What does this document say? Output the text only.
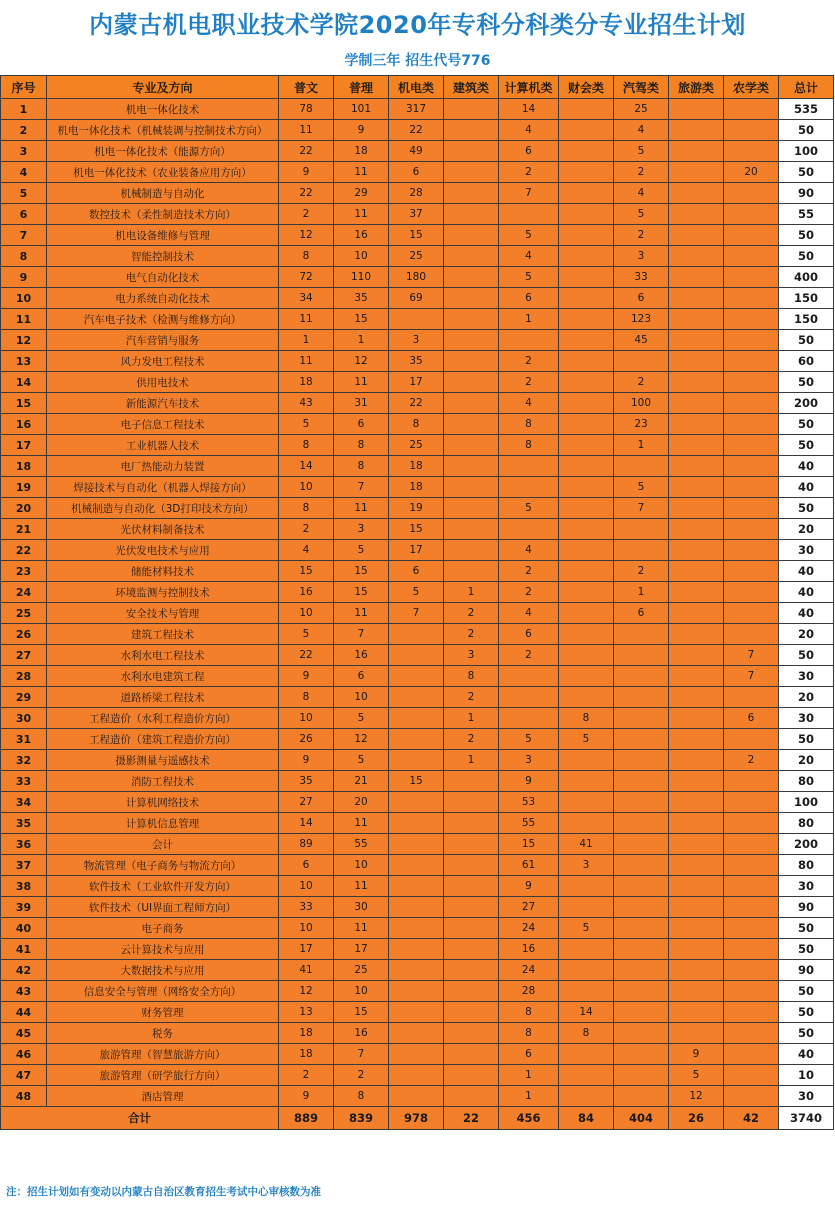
内蒙古机电职业技术学院2020年专科分科类分专业招生计划
学制三年 招生代号776
序号	专业及方向	普文	普理	机电类	建筑类	计算机类	财会类	汽驾类	旅游类	农学类	总计
1	机电一体化技术	78	101	317		14		25			535
2	机电一体化技术（机械装调与控制技术方向）	11	9	22		4		4			50
3	机电一体化技术（能源方向）	22	18	49		6		5			100
4	机电一体化技术（农业装备应用方向）	9	11	6		2		2		20	50
5	机械制造与自动化	22	29	28		7		4			90
6	数控技术（柔性制造技术方向）	2	11	37				5			55
7	机电设备维修与管理	12	16	15		5		2			50
8	智能控制技术	8	10	25		4		3			50
9	电气自动化技术	72	110	180		5		33			400
10	电力系统自动化技术	34	35	69		6		6			150
11	汽车电子技术（检测与维修方向）	11	15			1		123			150
12	汽车营销与服务	1	1	3				45			50
13	风力发电工程技术	11	12	35		2					60
14	供用电技术	18	11	17		2		2			50
15	新能源汽车技术	43	31	22		4		100			200
16	电子信息工程技术	5	6	8		8		23			50
17	工业机器人技术	8	8	25		8		1			50
18	电厂热能动力装置	14	8	18							40
19	焊接技术与自动化（机器人焊接方向）	10	7	18				5			40
20	机械制造与自动化（3D打印技术方向）	8	11	19		5		7			50
21	光伏材料制备技术	2	3	15							20
22	光伏发电技术与应用	4	5	17		4					30
23	储能材料技术	15	15	6		2		2			40
24	环境监测与控制技术	16	15	5	1	2		1			40
25	安全技术与管理	10	11	7	2	4		6			40
26	建筑工程技术	5	7		2	6					20
27	水利水电工程技术	22	16		3	2				7	50
28	水利水电建筑工程	9	6		8					7	30
29	道路桥梁工程技术	8	10		2						20
30	工程造价（水利工程造价方向）	10	5		1		8			6	30
31	工程造价（建筑工程造价方向）	26	12		2	5	5				50
32	摄影测量与遥感技术	9	5		1	3				2	20
33	消防工程技术	35	21	15		9					80
34	计算机网络技术	27	20			53					100
35	计算机信息管理	14	11			55					80
36	会计	89	55			15	41				200
37	物流管理（电子商务与物流方向）	6	10			61	3				80
38	软件技术（工业软件开发方向）	10	11			9					30
39	软件技术（UI界面工程师方向）	33	30			27					90
40	电子商务	10	11			24	5				50
41	云计算技术与应用	17	17			16					50
42	大数据技术与应用	41	25			24					90
43	信息安全与管理（网络安全方向）	12	10			28					50
44	财务管理	13	15			8	14				50
45	税务	18	16			8	8				50
46	旅游管理（智慧旅游方向）	18	7			6			9		40
47	旅游管理（研学旅行方向）	2	2			1			5		10
48	酒店管理	9	8			1			12		30
合计		889	839	978	22	456	84	404	26	42	3740
注：招生计划如有变动以内蒙古自治区教育招生考试中心审核数为准
